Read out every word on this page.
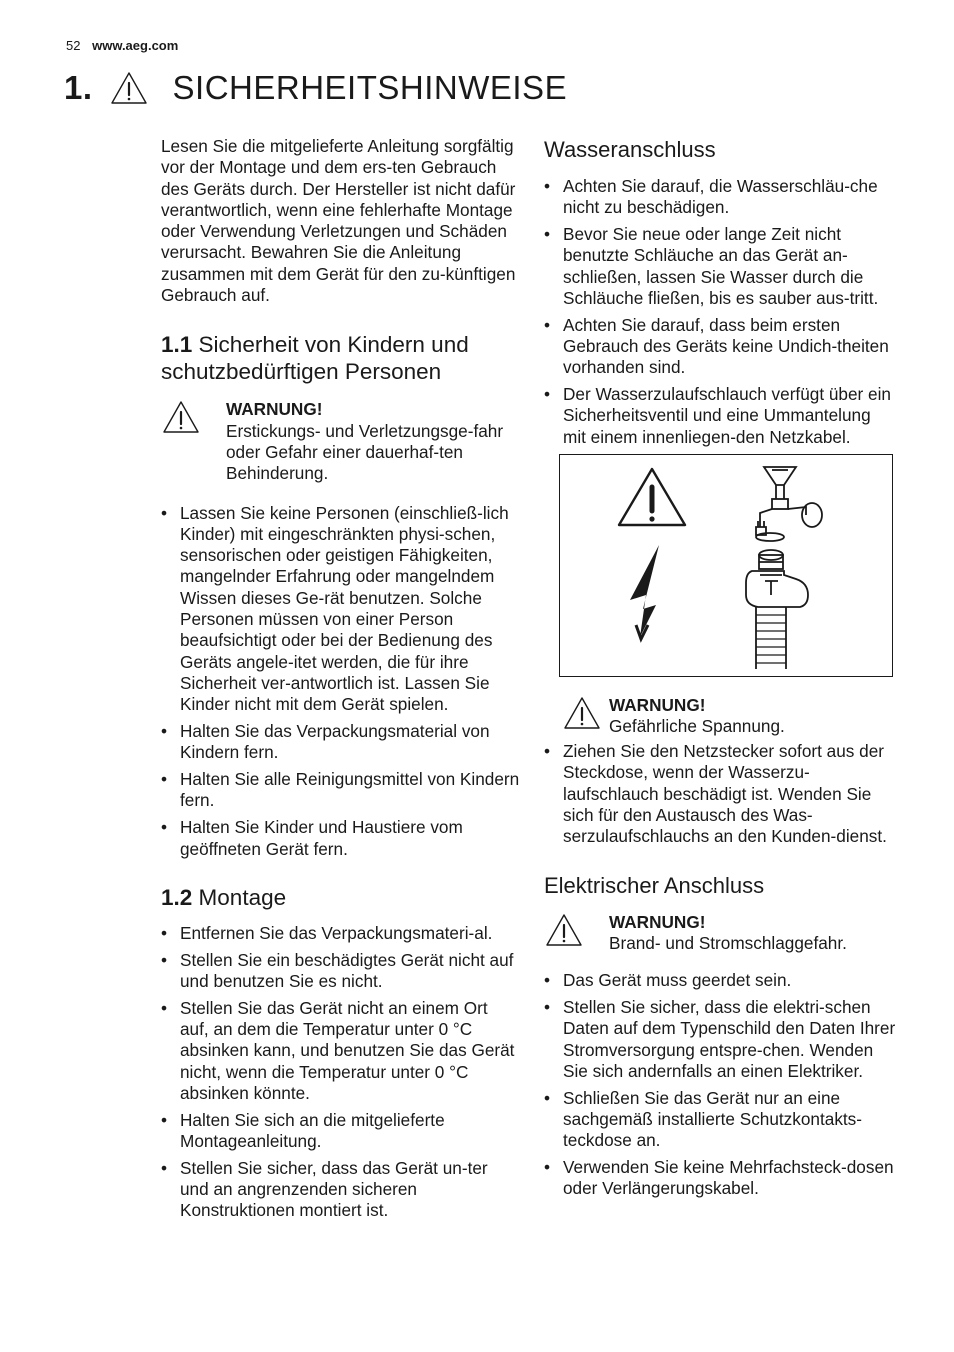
52 www.aeg.com
1. SICHERHEITSHINWEISE

Lesen Sie die mitgelieferte Anleitung sorgfältig vor der Montage und dem ers-ten Gebrauch des Geräts durch. Der Hersteller ist nicht dafür verantwortlich, wenn eine fehlerhafte Montage oder Verwendung Verletzungen und Schäden verursacht. Bewahren Sie die Anleitung zusammen mit dem Gerät für den zu-künftigen Gebrauch auf.

1.1 Sicherheit von Kindern und schutzbedürftigen Personen
WARNUNG!
Erstickungs- und Verletzungsge-fahr oder Gefahr einer dauerhaf-ten Behinderung.
• Lassen Sie keine Personen (einschließ-lich Kinder) mit eingeschränkten physi-schen, sensorischen oder geistigen Fähigkeiten, mangelnder Erfahrung oder mangelndem Wissen dieses Ge-rät benutzen. Solche Personen müssen von einer Person beaufsichtigt oder bei der Bedienung des Geräts angele-itet werden, die für ihre Sicherheit ver-antwortlich ist. Lassen Sie Kinder nicht mit dem Gerät spielen.
• Halten Sie das Verpackungsmaterial von Kindern fern.
• Halten Sie alle Reinigungsmittel von Kindern fern.
• Halten Sie Kinder und Haustiere vom geöffneten Gerät fern.
1.2 Montage
• Entfernen Sie das Verpackungsmateri-al.
• Stellen Sie ein beschädigtes Gerät nicht auf und benutzen Sie es nicht.
• Stellen Sie das Gerät nicht an einem Ort auf, an dem die Temperatur unter 0 °C absinken kann, und benutzen Sie das Gerät nicht, wenn die Temperatur unter 0 °C absinken könnte.
• Halten Sie sich an die mitgelieferte Montageanleitung.
• Stellen Sie sicher, dass das Gerät un-ter und an angrenzenden sicheren Konstruktionen montiert ist.
Wasseranschluss
• Achten Sie darauf, die Wasserschläu-che nicht zu beschädigen.
• Bevor Sie neue oder lange Zeit nicht benutzte Schläuche an das Gerät an-schließen, lassen Sie Wasser durch die Schläuche fließen, bis es sauber aus-tritt.
• Achten Sie darauf, dass beim ersten Gebrauch des Geräts keine Undich-theiten vorhanden sind.
• Der Wasserzulaufschlauch verfügt über ein Sicherheitsventil und eine Ummantelung mit einem innenliegen-den Netzkabel.
WARNUNG!
Gefährliche Spannung.
• Ziehen Sie den Netzstecker sofort aus der Steckdose, wenn der Wasserzu-laufschlauch beschädigt ist. Wenden Sie sich für den Austausch des Was-serzulaufschlauchs an den Kunden-dienst.
Elektrischer Anschluss
WARNUNG!
Brand- und Stromschlaggefahr.
• Das Gerät muss geerdet sein.
• Stellen Sie sicher, dass die elektri-schen Daten auf dem Typenschild den Daten Ihrer Stromversorgung entspre-chen. Wenden Sie sich andernfalls an einen Elektriker.
• Schließen Sie das Gerät nur an eine sachgemäß installierte Schutzkontakts-teckdose an.
• Verwenden Sie keine Mehrfachsteck-dosen oder Verlängerungskabel.
